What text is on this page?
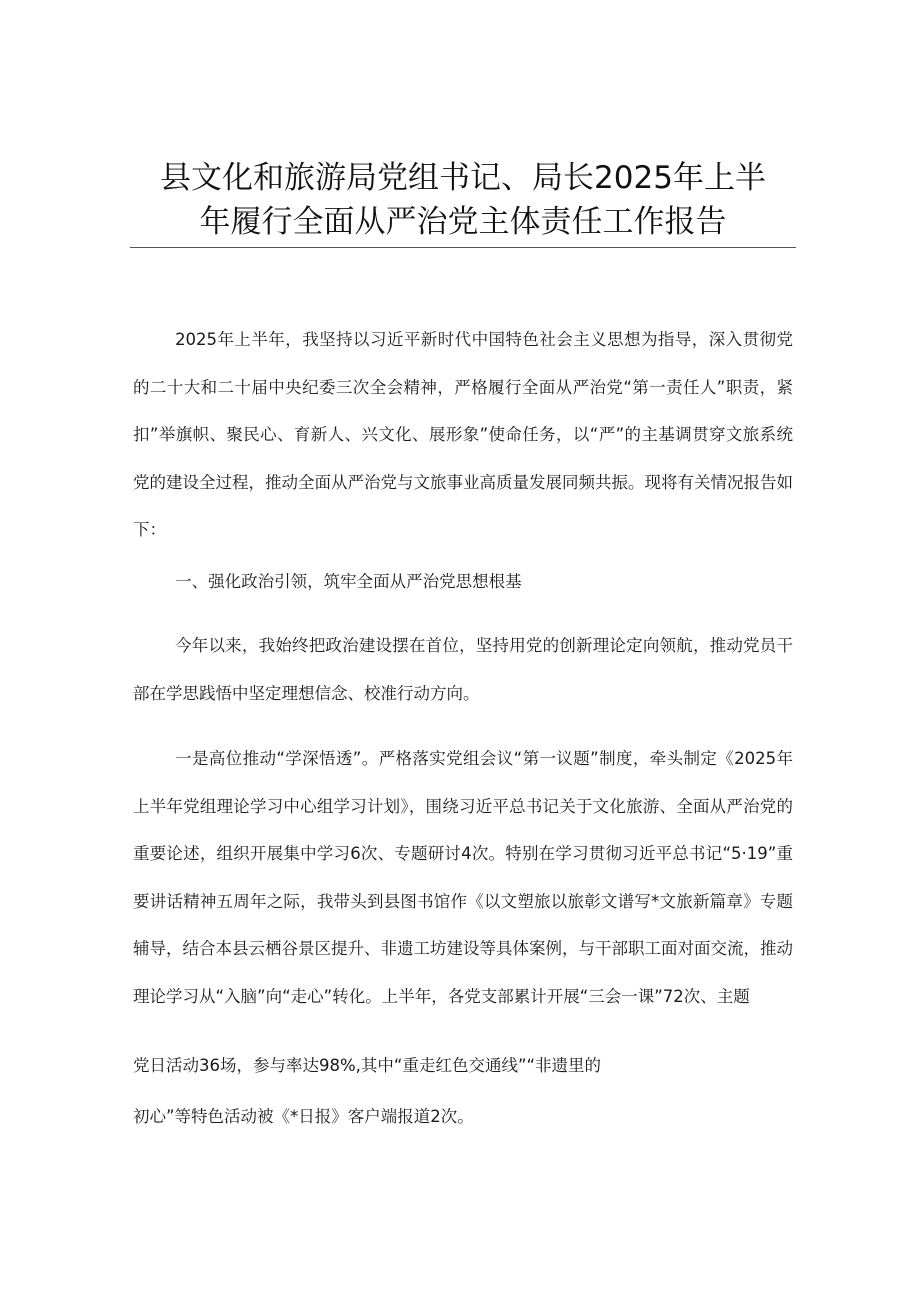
县文化和旅游局党组书记、局长2025年上半
年履行全面从严治党主体责任工作报告

2025年上半年，我坚持以习近平新时代中国特色社会主义思想为指导，深入贯彻党的二十大和二十届中央纪委三次全会精神，严格履行全面从严治党“第一责任人”职责，紧扣”举旗帜、聚民心、育新人、兴文化、展形象”使命任务，以“严”的主基调贯穿文旅系统党的建设全过程，推动全面从严治党与文旅事业高质量发展同频共振。现将有关情况报告如下：

一、强化政治引领，筑牢全面从严治党思想根基

今年以来，我始终把政治建设摆在首位，坚持用党的创新理论定向领航，推动党员干部在学思践悟中坚定理想信念、校准行动方向。

一是高位推动“学深悟透”。严格落实党组会议“第一议题”制度，牵头制定《2025年上半年党组理论学习中心组学习计划》，围绕习近平总书记关于文化旅游、全面从严治党的重要论述，组织开展集中学习6次、专题研讨4次。特别在学习贯彻习近平总书记“5·19”重要讲话精神五周年之际，我带头到县图书馆作《以文塑旅以旅彰文谱写*文旅新篇章》专题辅导，结合本县云栖谷景区提升、非遗工坊建设等具体案例，与干部职工面对面交流，推动理论学习从“入脑”向“走心”转化。上半年，各党支部累计开展“三会一课”72次、主题

党日活动36场，参与率达98%,其中“重走红色交通线”“非遗里的

初心”等特色活动被《*日报》客户端报道2次。
